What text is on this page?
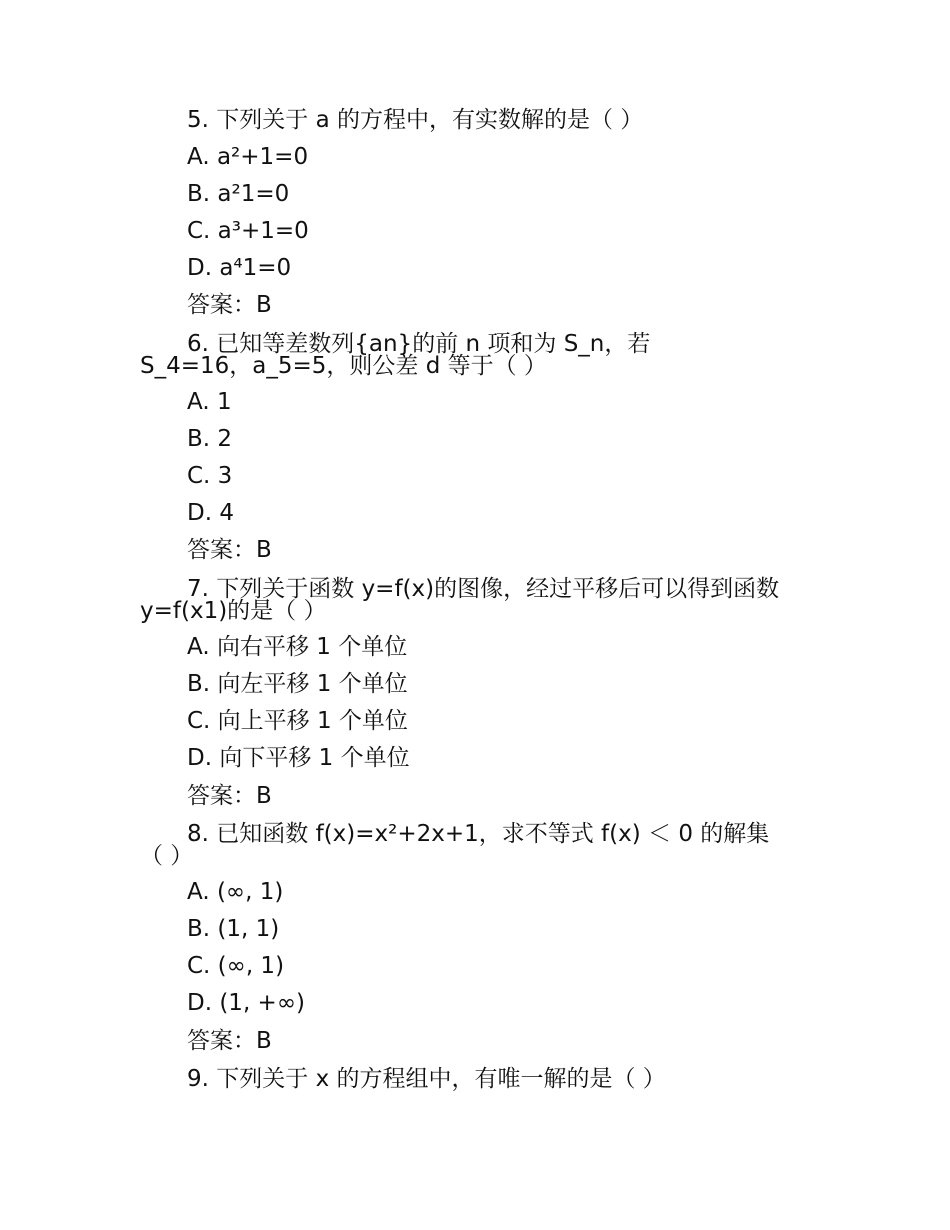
5. 下列关于 a 的方程中，有实数解的是（ ）
A. a²+1=0
B. a²1=0
C. a³+1=0
D. a⁴1=0
答案：B
6. 已知等差数列{an}的前 n 项和为 S_n，若
S_4=16，a_5=5，则公差 d 等于（ ）
A. 1
B. 2
C. 3
D. 4
答案：B
7. 下列关于函数 y=f(x)的图像，经过平移后可以得到函数
y=f(x1)的是（ ）
A. 向右平移 1 个单位
B. 向左平移 1 个单位
C. 向上平移 1 个单位
D. 向下平移 1 个单位
答案：B
8. 已知函数 f(x)=x²+2x+1，求不等式 f(x) ＜ 0 的解集
（ ）
A. (∞, 1)
B. (1, 1)
C. (∞, 1)
D. (1, +∞)
答案：B
9. 下列关于 x 的方程组中，有唯一解的是（ ）
